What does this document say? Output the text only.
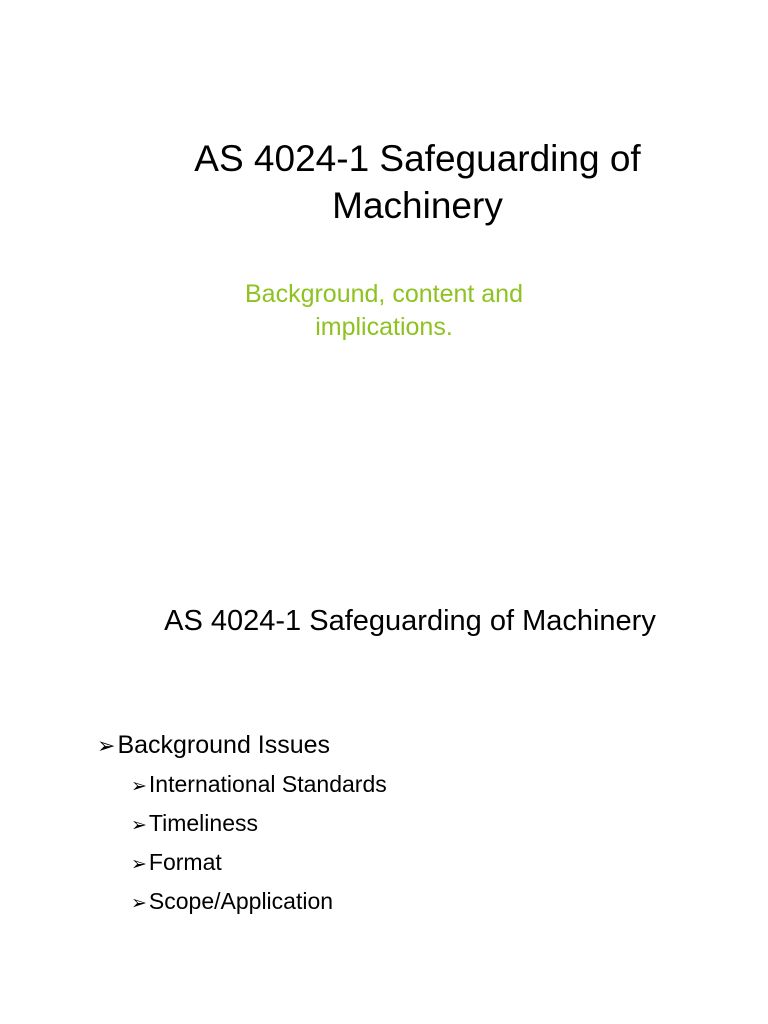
AS 4024-1 Safeguarding of Machinery
Background, content and implications.
AS 4024-1 Safeguarding of Machinery
➢ Background Issues
➢ International Standards
➢ Timeliness
➢ Format
➢ Scope/Application
